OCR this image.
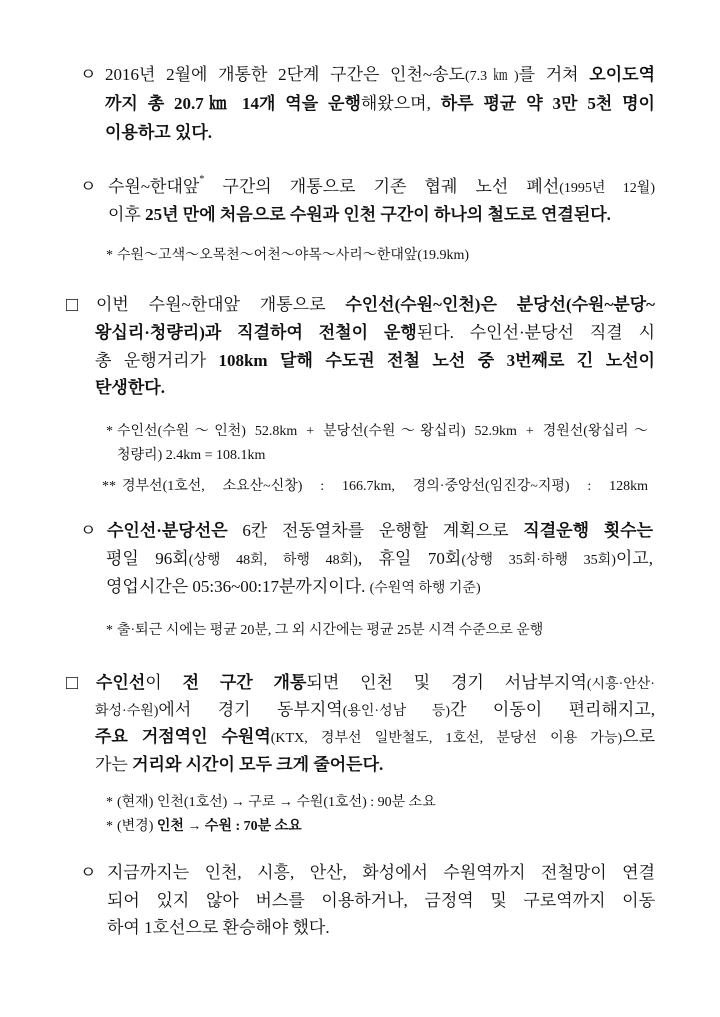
ㅇ 2016년 2월에 개통한 2단계 구간은 인천~송도(7.3㎞)를 거쳐 오이도역
까지 총 20.7㎞ 14개 역을 운행해왔으며, 하루 평균 약 3만 5천 명이
이용하고 있다.
ㅇ 수원~한대앞* 구간의 개통으로 기존 협궤 노선 폐선(1995년 12월)
이후 25년 만에 처음으로 수원과 인천 구간이 하나의 철도로 연결된다.
* 수원～고색～오목천～어천～야목～사리～한대앞(19.9km)
□ 이번 수원~한대앞 개통으로 수인선(수원~인천)은 분당선(수원~분당~
왕십리·청량리)과 직결하여 전철이 운행된다. 수인선·분당선 직결 시
총 운행거리가 108km 달해 수도권 전철 노선 중 3번째로 긴 노선이
탄생한다.
* 수인선(수원～인천) 52.8km + 분당선(수원～왕십리) 52.9km + 경원선(왕십리～
청량리) 2.4km = 108.1km
** 경부선(1호선, 소요산~신창) : 166.7km, 경의·중앙선(임진강~지평) : 128km
ㅇ 수인선·분당선은 6칸 전동열차를 운행할 계획으로 직결운행 횟수는
평일 96회(상행 48회, 하행 48회), 휴일 70회(상행 35회·하행 35회)이고,
영업시간은 05:36~00:17분까지이다. (수원역 하행 기준)
* 출·퇴근 시에는 평균 20분, 그 외 시간에는 평균 25분 시격 수준으로 운행
□ 수인선이 전 구간 개통되면 인천 및 경기 서남부지역(시흥·안산·
화성·수원)에서 경기 동부지역(용인·성남 등)간 이동이 편리해지고,
주요 거점역인 수원역(KTX, 경부선 일반철도, 1호선, 분당선 이용 가능)으로
가는 거리와 시간이 모두 크게 줄어든다.
* (현재) 인천(1호선) → 구로 → 수원(1호선) : 90분 소요
* (변경) 인천 → 수원 : 70분 소요
ㅇ 지금까지는 인천, 시흥, 안산, 화성에서 수원역까지 전철망이 연결
되어 있지 않아 버스를 이용하거나, 금정역 및 구로역까지 이동
하여 1호선으로 환승해야 했다.
